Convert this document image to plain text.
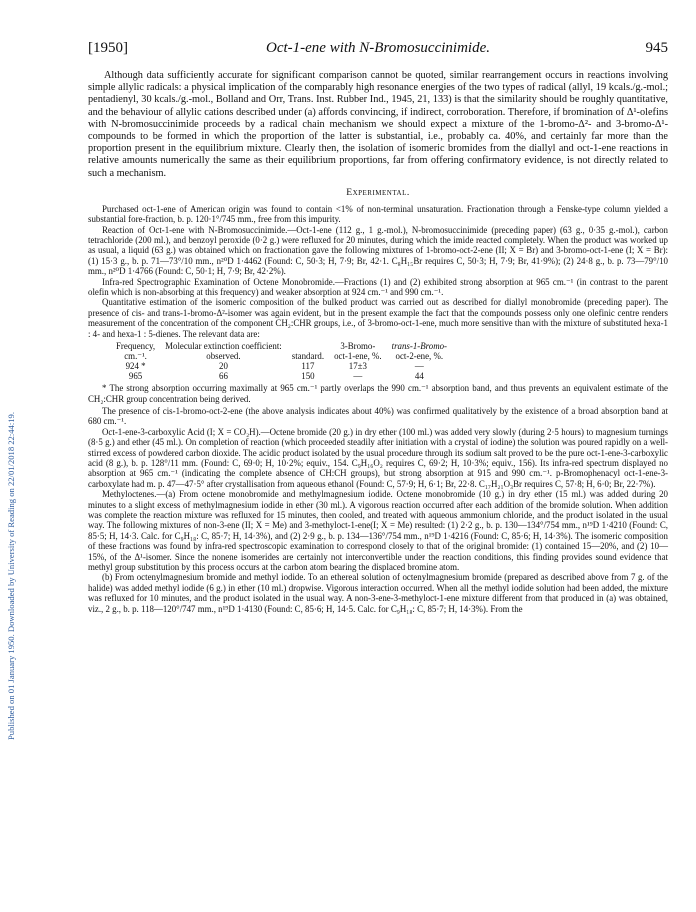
Published on 01 January 1950. Downloaded by University of Reading on 22/01/2018 22:44:19.
[1950]	Oct-1-ene with N-Bromosuccinimide.	945

Although data sufficiently accurate for significant comparison cannot be quoted, similar rearrangement occurs in reactions involving simple allylic radicals: a physical implication of the comparably high resonance energies of the two types of radical (allyl, 19 kcals./g.-mol.; pentadienyl, 30 kcals./g.-mol., Bolland and Orr, Trans. Inst. Rubber Ind., 1945, 21, 133) is that the similarity should be roughly quantitative, and the behaviour of allylic cations described under (a) affords convincing, if indirect, corroboration. Therefore, if bromination of Δ¹-olefins with N-bromosuccinimide proceeds by a radical chain mechanism we should expect a mixture of the 1-bromo-Δ²- and 3-bromo-Δ¹-compounds to be formed in which the proportion of the latter is substantial, i.e., probably ca. 40%, and certainly far more than the proportion present in the equilibrium mixture. Clearly then, the isolation of isomeric bromides from the diallyl and oct-1-ene reactions in relative amounts numerically the same as their equilibrium proportions, far from offering confirmatory evidence, is not directly related to such a mechanism.

Experimental.

Purchased oct-1-ene of American origin was found to contain <1% of non-terminal unsaturation. Fractionation through a Fenske-type column yielded a substantial fore-fraction, b. p. 120·1°/745 mm., free from this impurity.

Reaction of Oct-1-ene with N-Bromosuccinimide.—Oct-1-ene (112 g., 1 g.-mol.), N-bromosuccinimide (preceding paper) (63 g., 0·35 g.-mol.), carbon tetrachloride (200 ml.), and benzoyl peroxide (0·2 g.) were refluxed for 20 minutes, during which the imide reacted completely. When the product was worked up as usual, a liquid (63 g.) was obtained which on fractionation gave the following mixtures of 1-bromo-oct-2-ene (II; X = Br) and 3-bromo-oct-1-ene (I; X = Br): (1) 15·3 g., b. p. 71—73°/10 mm., n²⁰D 1·4462 (Found: C, 50·3; H, 7·9; Br, 42·1. C₈H₁₅Br requires C, 50·3; H, 7·9; Br, 41·9%); (2) 24·8 g., b. p. 73—79°/10 mm., n²⁰D 1·4766 (Found: C, 50·1; H, 7·9; Br, 42·2%).

Infra-red Spectrographic Examination of Octene Monobromide.—Fractions (1) and (2) exhibited strong absorption at 965 cm.⁻¹ (in contrast to the parent olefin which is non-absorbing at this frequency) and weaker absorption at 924 cm.⁻¹ and 990 cm.⁻¹.

Quantitative estimation of the isomeric composition of the bulked product was carried out as described for diallyl monobromide (preceding paper). The presence of cis- and trans-1-bromo-Δ²-isomer was again evident, but in the present example the fact that the compounds possess only one olefinic centre renders measurement of the concentration of the component CH₂:CHR groups, i.e., of 3-bromo-oct-1-ene, much more sensitive than with the mixture of substituted hexa-1 : 4- and hexa-1 : 5-dienes. The relevant data are:

Frequency,	Molecular extinction coefficient:		3-Bromo-	trans-1-Bromo-
cm.⁻¹.	observed.	standard.	oct-1-ene, %.	oct-2-ene, %.
924 *	20	117	17±3	—
965	66	150	—	44

* The strong absorption occurring maximally at 965 cm.⁻¹ partly overlaps the 990 cm.⁻¹ absorption band, and thus prevents an equivalent estimate of the CH₂:CHR group concentration being derived.

The presence of cis-1-bromo-oct-2-ene (the above analysis indicates about 40%) was confirmed qualitatively by the existence of a broad absorption band at 680 cm.⁻¹.

Oct-1-ene-3-carboxylic Acid (I; X = CO₂H).—Octene bromide (20 g.) in dry ether (100 ml.) was added very slowly (during 2·5 hours) to magnesium turnings (8·5 g.) and ether (45 ml.). On completion of reaction (which proceeded steadily after initiation with a crystal of iodine) the solution was poured rapidly on a well-stirred excess of powdered carbon dioxide. The acidic product isolated by the usual procedure through its sodium salt proved to be the pure oct-1-ene-3-carboxylic acid (8 g.), b. p. 128°/11 mm. (Found: C, 69·0; H, 10·2%; equiv., 154. C₉H₁₆O₂ requires C, 69·2; H, 10·3%; equiv., 156). Its infra-red spectrum displayed no absorption at 965 cm.⁻¹ (indicating the complete absence of CH:CH groups), but strong absorption at 915 and 990 cm.⁻¹. p-Bromophenacyl oct-1-ene-3-carboxylate had m. p. 47—47·5° after crystallisation from aqueous ethanol (Found: C, 57·9; H, 6·1; Br, 22·8. C₁₇H₂₁O₃Br requires C, 57·8; H, 6·0; Br, 22·7%).

Methyloctenes.—(a) From octene monobromide and methylmagnesium iodide. Octene monobromide (10 g.) in dry ether (15 ml.) was added during 20 minutes to a slight excess of methylmagnesium iodide in ether (30 ml.). A vigorous reaction occurred after each addition of the bromide solution. When addition was complete the reaction mixture was refluxed for 15 minutes, then cooled, and treated with aqueous ammonium chloride, and the product isolated in the usual way. The following mixtures of non-3-ene (II; X = Me) and 3-methyloct-1-ene(I; X = Me) resulted: (1) 2·2 g., b. p. 130—134°/754 mm., n¹⁹D 1·4210 (Found: C, 85·5; H, 14·3. Calc. for C₉H₁₈: C, 85·7; H, 14·3%), and (2) 2·9 g., b. p. 134—136°/754 mm., n¹⁹D 1·4216 (Found: C, 85·6; H, 14·3%). The isomeric composition of these fractions was found by infra-red spectroscopic examination to correspond closely to that of the original bromide: (1) contained 15—20%, and (2) 10—15%, of the Δ¹-isomer. Since the nonene isomerides are certainly not interconvertible under the reaction conditions, this finding provides sound evidence that methyl group substitution by this process occurs at the carbon atom bearing the displaced bromine atom.

(b) From octenylmagnesium bromide and methyl iodide. To an ethereal solution of octenylmagnesium bromide (prepared as described above from 7 g. of the halide) was added methyl iodide (6 g.) in ether (10 ml.) dropwise. Vigorous interaction occurred. When all the methyl iodide solution had been added, the mixture was refluxed for 10 minutes, and the product isolated in the usual way. A non-3-ene-3-methyloct-1-ene mixture different from that produced in (a) was obtained, viz., 2 g., b. p. 118—120°/747 mm., n¹⁹D 1·4130 (Found: C, 85·6; H, 14·5. Calc. for C₉H₁₈: C, 85·7; H, 14·3%). From the
